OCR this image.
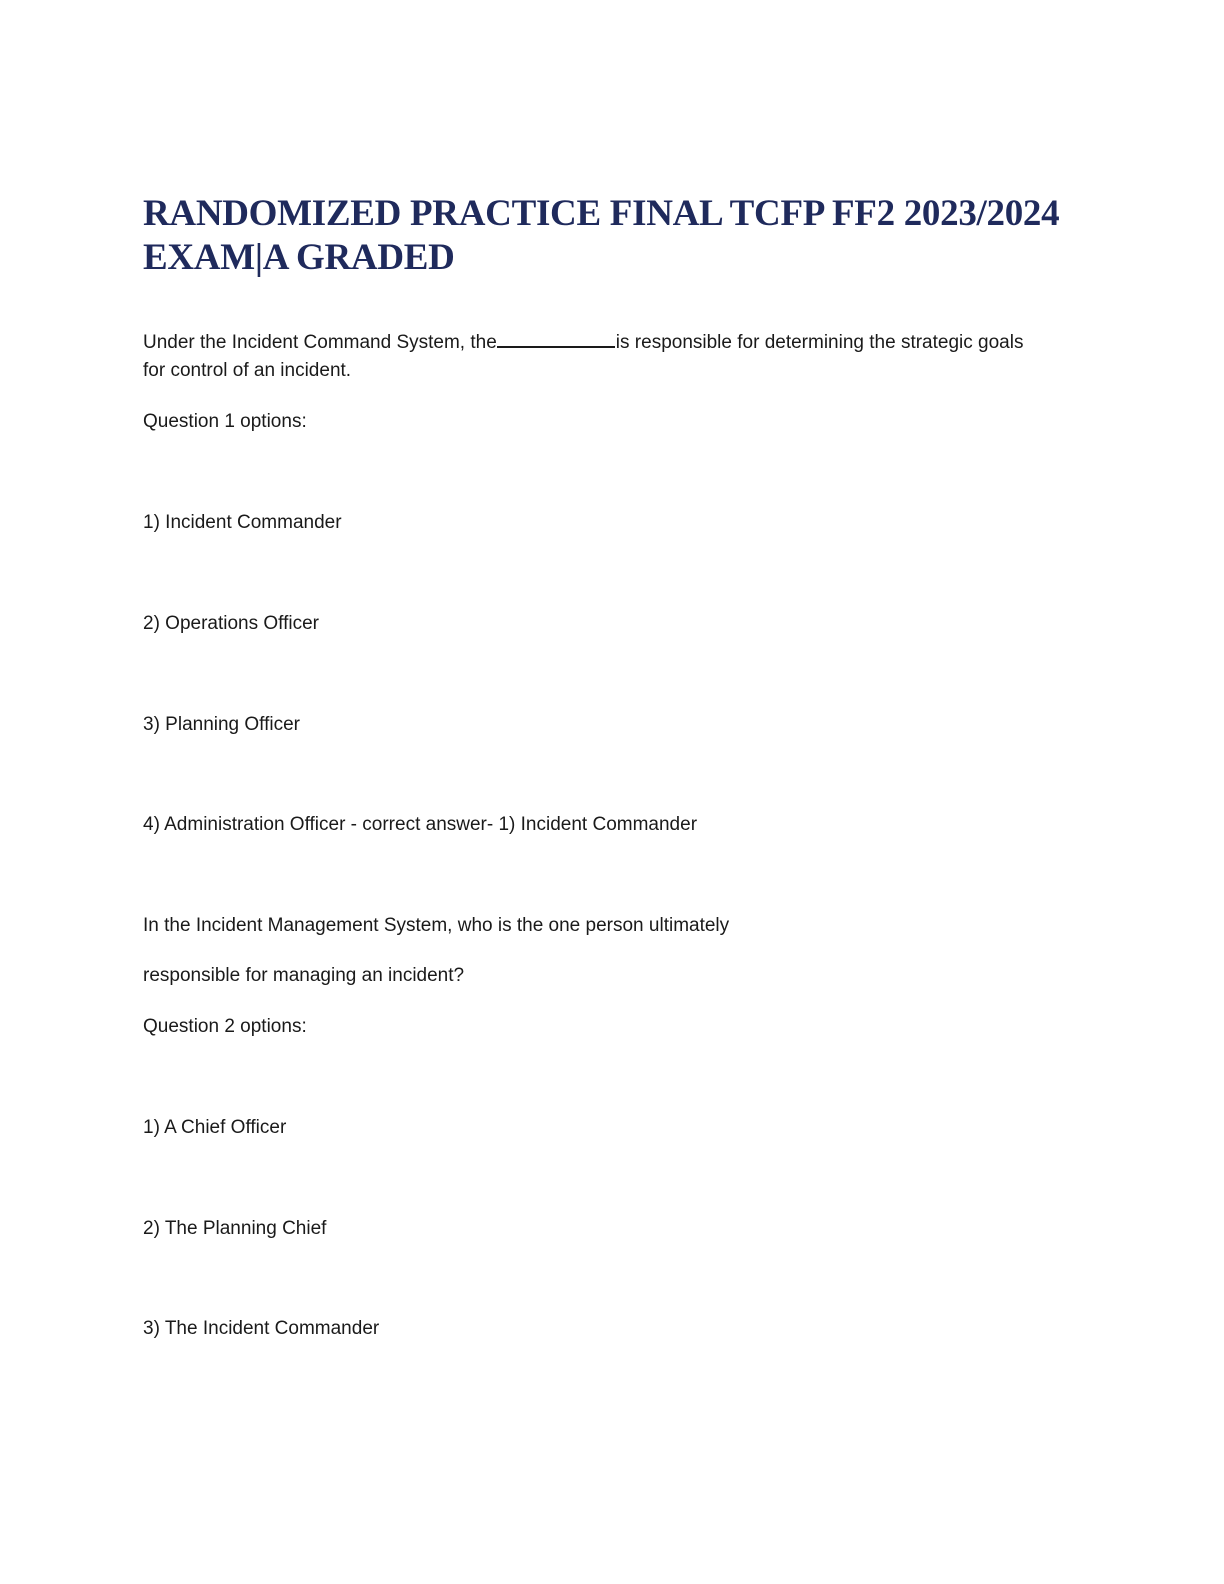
RANDOMIZED PRACTICE FINAL TCFP FF2 2023/2024
EXAM|A GRADED

Under the Incident Command System, the	is responsible for determining the strategic goals

for control of an incident.

Question 1 options:

1) Incident Commander

2) Operations Officer

3) Planning Officer

4) Administration Officer - correct answer- 1) Incident Commander

In the Incident Management System, who is the one person ultimately

responsible for managing an incident?

Question 2 options:

1) A Chief Officer

2) The Planning Chief

3) The Incident Commander
